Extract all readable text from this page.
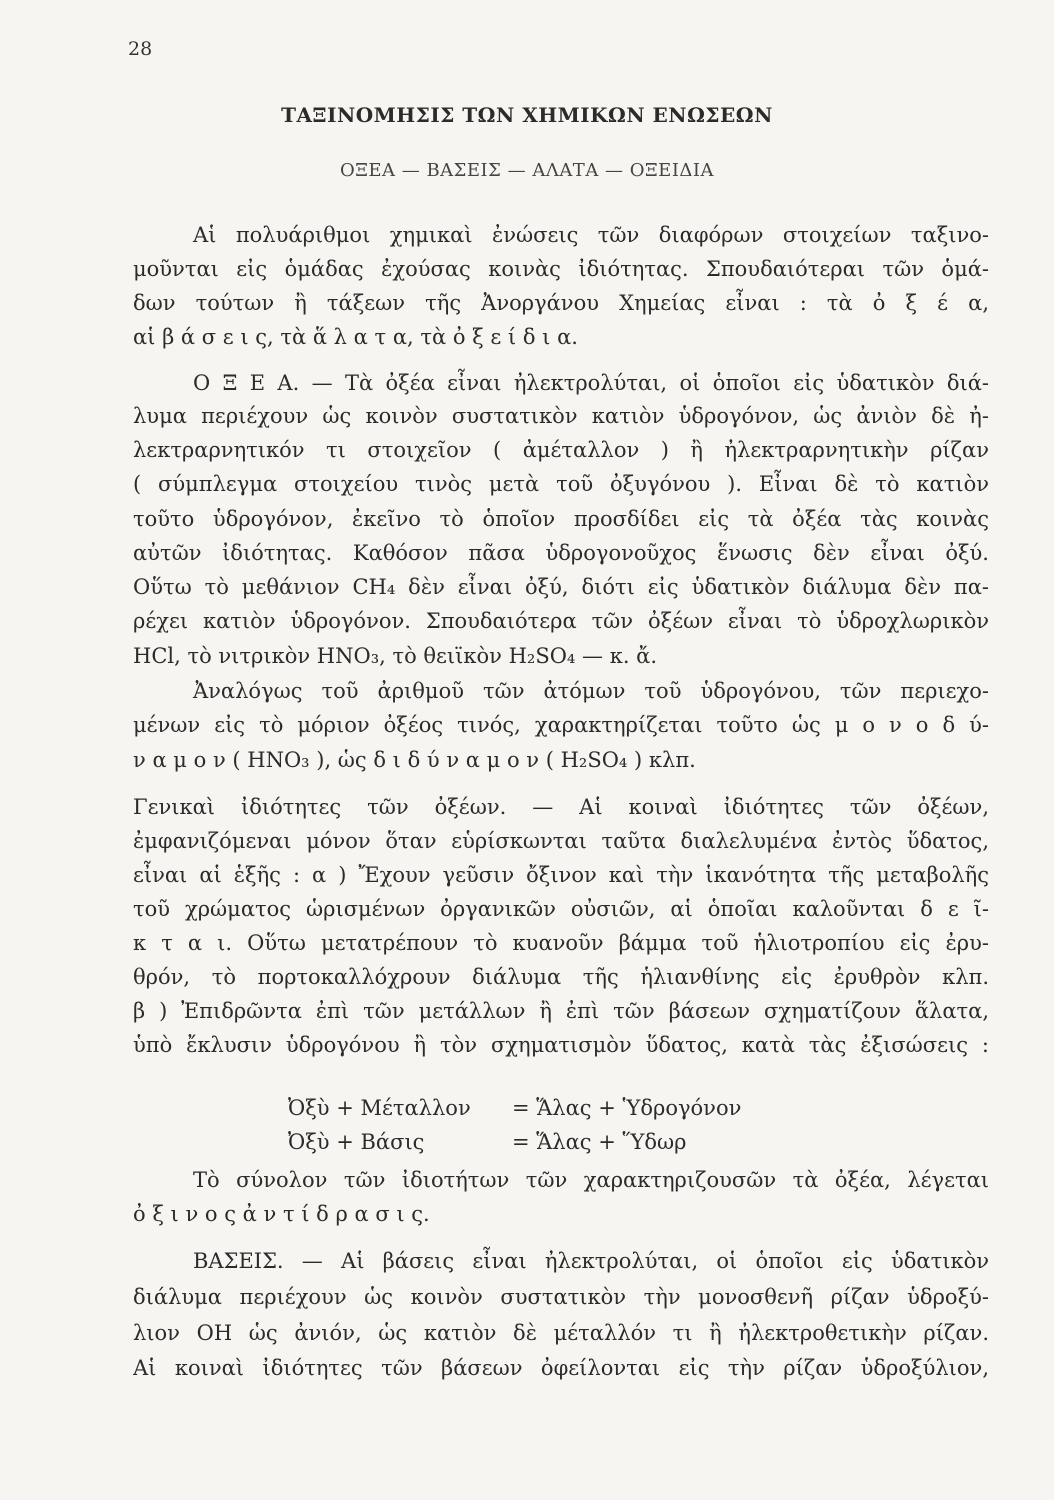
28
ΤΑΞΙΝΟΜΗΣΙΣ ΤΩΝ ΧΗΜΙΚΩΝ ΕΝΩΣΕΩΝ
ΟΞΕΑ — ΒΑΣΕΙΣ — ΑΛΑΤΑ — ΟΞΕΙΔΙΑ
Αἱ πολυάριθμοι χημικαὶ ἐνώσεις τῶν διαφόρων στοιχείων ταξινο-
μοῦνται εἰς ὁμάδας ἐχούσας κοινὰς ἰδιότητας. Σπουδαιότεραι τῶν ὁμά-
δων τούτων ἢ τάξεων τῆς Ἀνοργάνου Χημείας εἶναι : τὰ ὀ ξ έ α,
αἱ β ά σ ε ι ς, τὰ ἅ λ α τ α, τὰ ὀ ξ ε ί δ ι α.
Ο Ξ Ε Α. — Τὰ ὀξέα εἶναι ἠλεκτρολύται, οἱ ὁποῖοι εἰς ὑδατικὸν διά-
λυμα περιέχουν ὡς κοινὸν συστατικὸν κατιὸν ὑδρογόνον, ὡς ἀνιὸν δὲ ἠ-
λεκτραρνητικόν τι στοιχεῖον ( ἀμέταλλον ) ἢ ἠλεκτραρνητικὴν ρίζαν
( σύμπλεγμα στοιχείου τινὸς μετὰ τοῦ ὀξυγόνου ). Εἶναι δὲ τὸ κατιὸν
τοῦτο ὑδρογόνον, ἐκεῖνο τὸ ὁποῖον προσδίδει εἰς τὰ ὀξέα τὰς κοινὰς
αὐτῶν ἰδιότητας. Καθόσον πᾶσα ὑδρογονοῦχος ἕνωσις δὲν εἶναι ὀξύ.
Οὕτω τὸ μεθάνιον CH₄ δὲν εἶναι ὀξύ, διότι εἰς ὑδατικὸν διάλυμα δὲν πα-
ρέχει κατιὸν ὑδρογόνον. Σπουδαιότερα τῶν ὀξέων εἶναι τὸ ὑδροχλωρικὸν
HCl, τὸ νιτρικὸν HNO₃, τὸ θειϊκὸν H₂SO₄ — κ. ἄ.
Ἀναλόγως τοῦ ἀριθμοῦ τῶν ἀτόμων τοῦ ὑδρογόνου, τῶν περιεχο-
μένων εἰς τὸ μόριον ὀξέος τινός, χαρακτηρίζεται τοῦτο ὡς μ ο ν ο δ ύ-
ν α μ ο ν ( HNO₃ ), ὡς δ ι δ ύ ν α μ ο ν ( H₂SO₄ ) κλπ.
Γενικαὶ ἰδιότητες τῶν ὀξέων. — Αἱ κοιναὶ ἰδιότητες τῶν ὀξέων,
ἐμφανιζόμεναι μόνον ὅταν εὑρίσκωνται ταῦτα διαλελυμένα ἐντὸς ὕδατος,
εἶναι αἱ ἑξῆς : α ) Ἔχουν γεῦσιν ὄξινον καὶ τὴν ἱκανότητα τῆς μεταβολῆς
τοῦ χρώματος ὡρισμένων ὀργανικῶν οὐσιῶν, αἱ ὁποῖαι καλοῦνται δ ε ῖ-
κ τ α ι. Οὕτω μετατρέπουν τὸ κυανοῦν βάμμα τοῦ ἡλιοτροπίου εἰς ἐρυ-
θρόν, τὸ πορτοκαλλόχρουν διάλυμα τῆς ἡλιανθίνης εἰς ἐρυθρὸν κλπ.
β ) Ἐπιδρῶντα ἐπὶ τῶν μετάλλων ἢ ἐπὶ τῶν βάσεων σχηματίζουν ἅλατα,
ὑπὸ ἔκλυσιν ὑδρογόνου ἢ τὸν σχηματισμὸν ὕδατος, κατὰ τὰς ἐξισώσεις :
Ὀξὺ + Μέταλλον = Ἅλας + Ὑδρογόνον
Ὀξὺ + Βάσις	= Ἅλας + Ὕδωρ
Τὸ σύνολον τῶν ἰδιοτήτων τῶν χαρακτηριζουσῶν τὰ ὀξέα, λέγεται
ὀ ξ ι ν ο ς ἀ ν τ ί δ ρ α σ ι ς.
ΒΑΣΕΙΣ. — Αἱ βάσεις εἶναι ἠλεκτρολύται, οἱ ὁποῖοι εἰς ὑδατικὸν
διάλυμα περιέχουν ὡς κοινὸν συστατικὸν τὴν μονοσθενῆ ρίζαν ὑδροξύ-
λιον OH ὡς ἀνιόν, ὡς κατιὸν δὲ μέταλλόν τι ἢ ἠλεκτροθετικὴν ρίζαν.
Αἱ κοιναὶ ἰδιότητες τῶν βάσεων ὀφείλονται εἰς τὴν ρίζαν ὑδροξύλιον,
